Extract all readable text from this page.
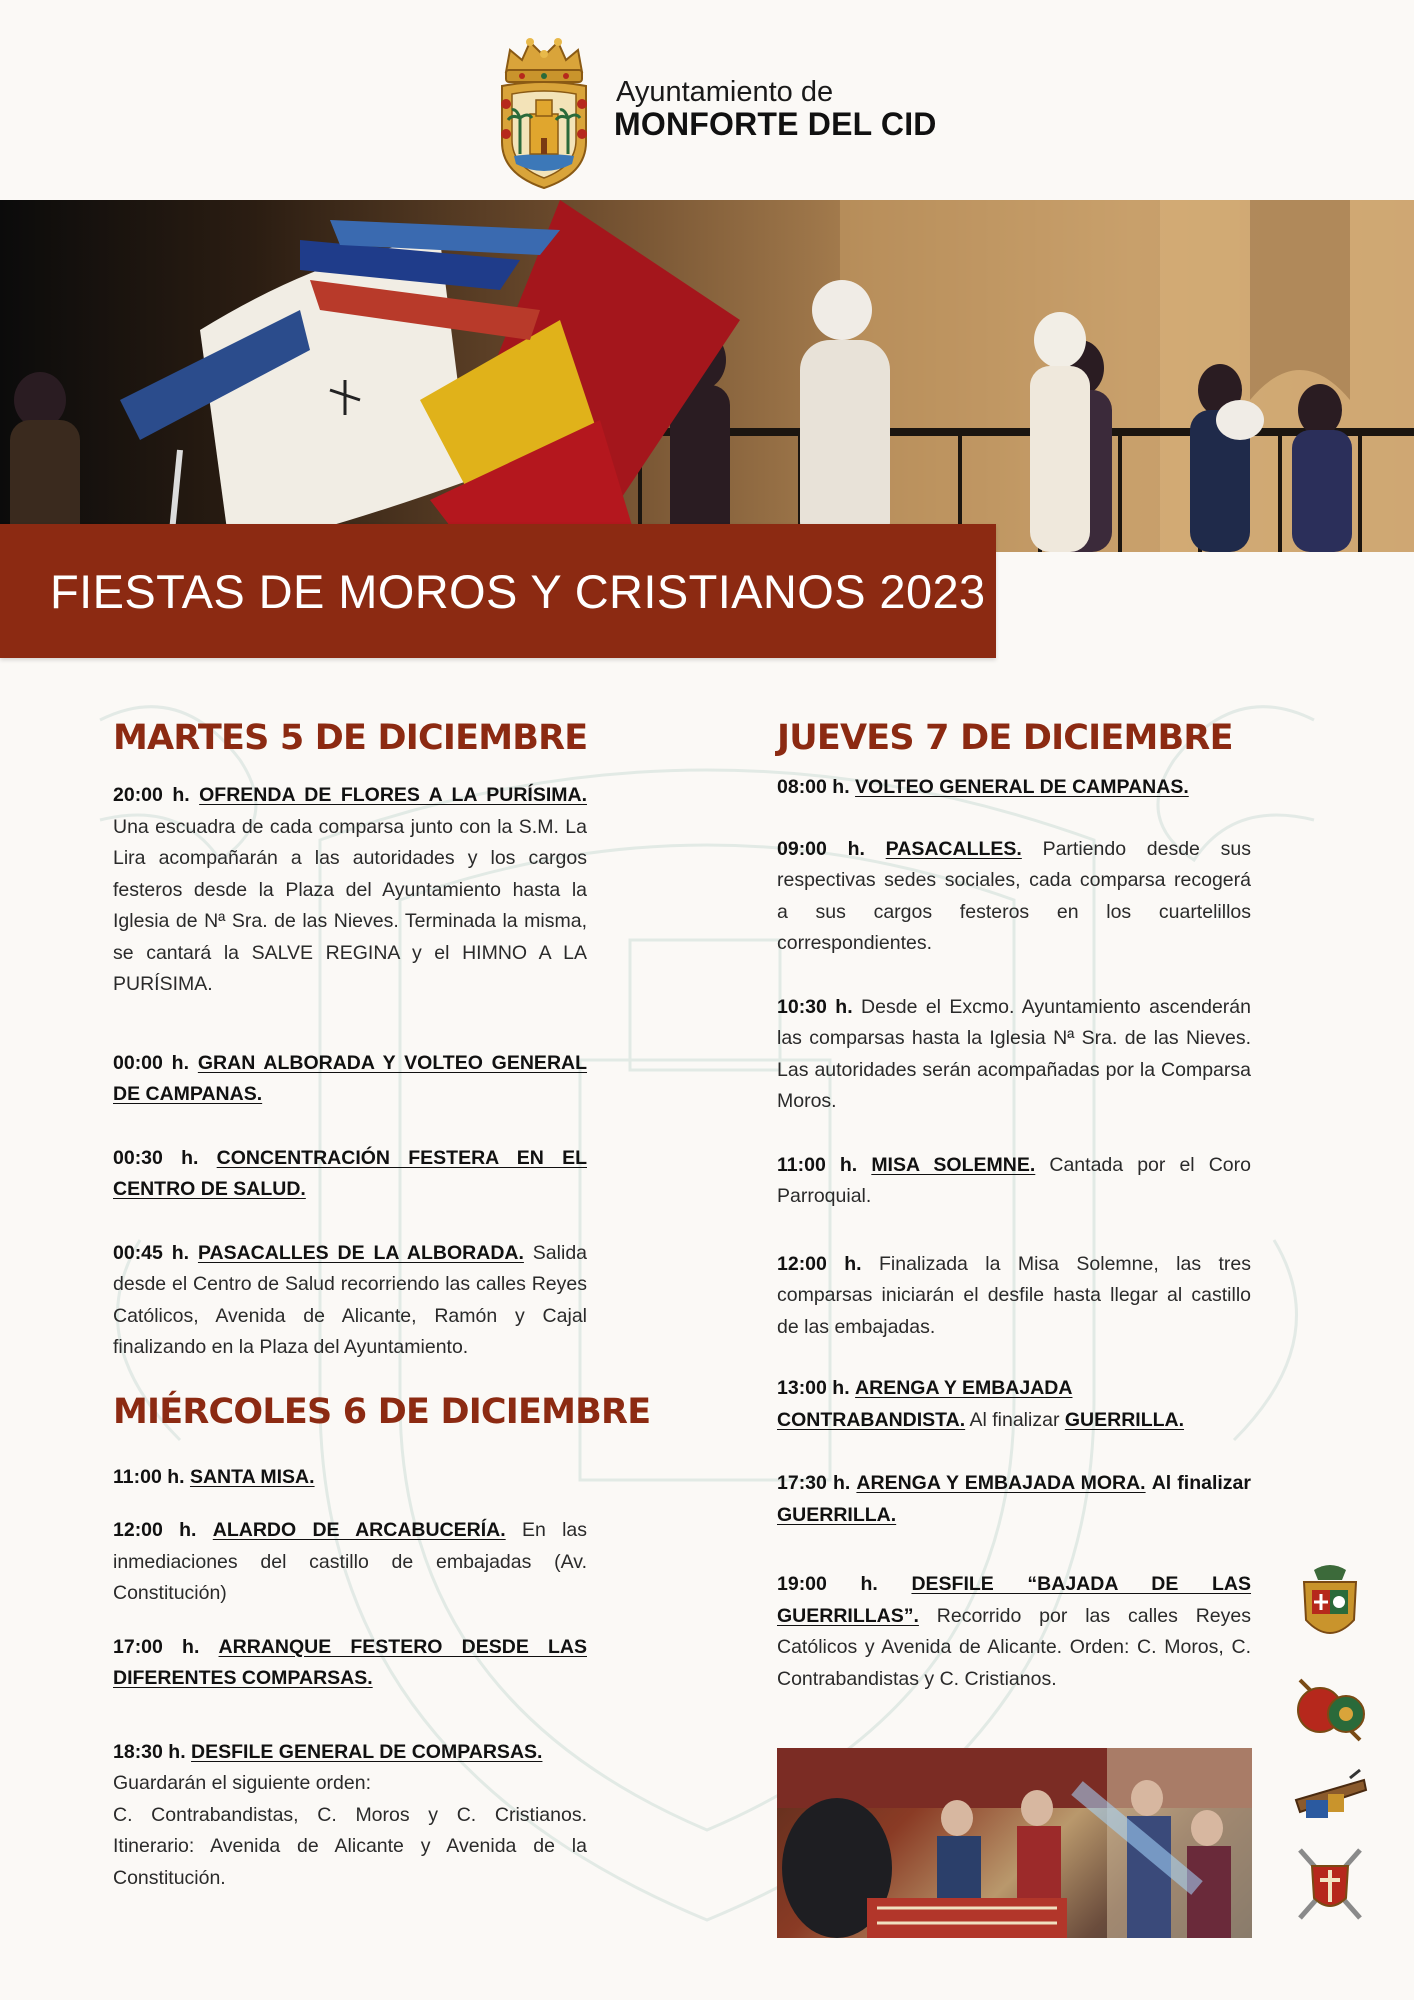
Ayuntamiento de
MONFORTE DEL CID
FIESTAS DE MOROS Y CRISTIANOS 2023
MARTES 5 DE DICIEMBRE

20:00 h. OFRENDA DE FLORES A LA PURÍSIMA. Una escuadra de cada comparsa junto con la S.M. La Lira acompañarán a las autoridades y los cargos festeros desde la Plaza del Ayuntamiento hasta la Iglesia de Nª Sra. de las Nieves. Terminada la misma, se cantará la SALVE REGINA y el HIMNO A LA PURÍSIMA.

00:00 h. GRAN ALBORADA Y VOLTEO GENERAL DE CAMPANAS.

00:30 h. CONCENTRACIÓN FESTERA EN EL CENTRO DE SALUD.

00:45 h. PASACALLES DE LA ALBORADA. Salida desde el Centro de Salud recorriendo las calles Reyes Católicos, Avenida de Alicante, Ramón y Cajal finalizando en la Plaza del Ayuntamiento.

MIÉRCOLES 6 DE DICIEMBRE

11:00 h. SANTA MISA.

12:00 h. ALARDO DE ARCABUCERÍA. En las inmediaciones del castillo de embajadas (Av. Constitución)

17:00 h. ARRANQUE FESTERO DESDE LAS DIFERENTES COMPARSAS.

18:30 h. DESFILE GENERAL DE COMPARSAS.
Guardarán el siguiente orden:

C. Contrabandistas, C. Moros y C. Cristianos. Itinerario: Avenida de Alicante y Avenida de la Constitución.

JUEVES 7 DE DICIEMBRE

08:00 h. VOLTEO GENERAL DE CAMPANAS.

09:00 h. PASACALLES. Partiendo desde sus respectivas sedes sociales, cada comparsa recogerá a sus cargos festeros en los cuartelillos correspondientes.

10:30 h. Desde el Excmo. Ayuntamiento ascenderán las comparsas hasta la Iglesia Nª Sra. de las Nieves. Las autoridades serán acompañadas por la Comparsa Moros.

11:00 h. MISA SOLEMNE. Cantada por el Coro Parroquial.

12:00 h. Finalizada la Misa Solemne, las tres comparsas iniciarán el desfile hasta llegar al castillo de las embajadas.

13:00 h. ARENGA Y EMBAJADA CONTRABANDISTA. Al finalizar GUERRILLA.

17:30 h. ARENGA Y EMBAJADA MORA. Al finalizar GUERRILLA.

19:00 h. DESFILE “BAJADA DE LAS GUERRILLAS”. Recorrido por las calles Reyes Católicos y Avenida de Alicante. Orden: C. Moros, C. Contrabandistas y C. Cristianos.
